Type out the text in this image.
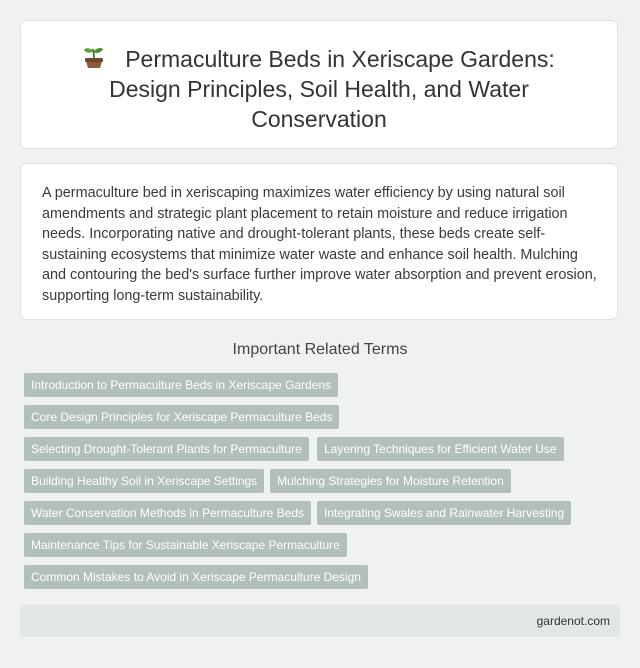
Permaculture Beds in Xeriscape Gardens: Design Principles, Soil Health, and Water Conservation

A permaculture bed in xeriscaping maximizes water efficiency by using natural soil amendments and strategic plant placement to retain moisture and reduce irrigation needs. Incorporating native and drought-tolerant plants, these beds create self-sustaining ecosystems that minimize water waste and enhance soil health. Mulching and contouring the bed's surface further improve water absorption and prevent erosion, supporting long-term sustainability.

Important Related Terms
Introduction to Permaculture Beds in Xeriscape Gardens
Core Design Principles for Xeriscape Permaculture Beds
Selecting Drought-Tolerant Plants for Permaculture	Layering Techniques for Efficient Water Use
Building Healthy Soil in Xeriscape Settings	Mulching Strategies for Moisture Retention
Water Conservation Methods in Permaculture Beds	Integrating Swales and Rainwater Harvesting
Maintenance Tips for Sustainable Xeriscape Permaculture
Common Mistakes to Avoid in Xeriscape Permaculture Design
gardenot.com
